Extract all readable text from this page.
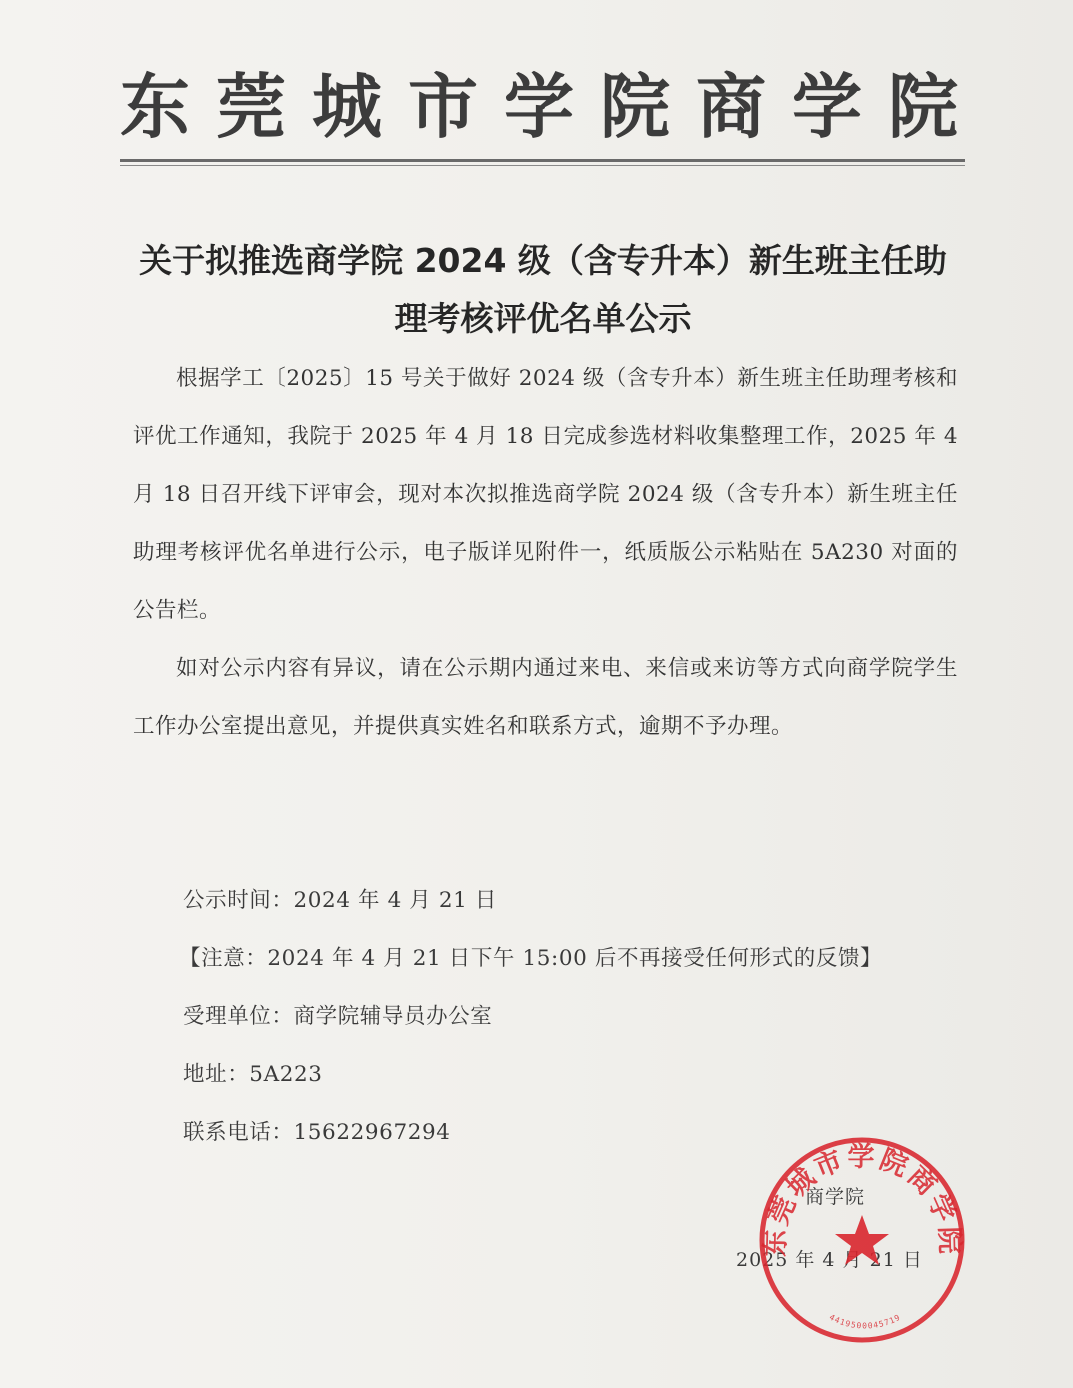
东莞城市学院商学院
关于拟推选商学院 2024 级（含专升本）新生班主任助理考核评优名单公示
根据学工〔2025〕15 号关于做好 2024 级（含专升本）新生班主任助理考核和评优工作通知，我院于 2025 年 4 月 18 日完成参选材料收集整理工作，2025 年 4 月 18 日召开线下评审会，现对本次拟推选商学院 2024 级（含专升本）新生班主任助理考核评优名单进行公示，电子版详见附件一，纸质版公示粘贴在 5A230 对面的公告栏。
如对公示内容有异议，请在公示期内通过来电、来信或来访等方式向商学院学生工作办公室提出意见，并提供真实姓名和联系方式，逾期不予办理。
公示时间：2024 年 4 月 21 日
【注意：2024 年 4 月 21 日下午 15:00 后不再接受任何形式的反馈】
受理单位：商学院辅导员办公室
地址：5A223
联系电话：15622967294
商学院
2025 年 4 月 21 日
东莞城市学院商学院
4419500045719
